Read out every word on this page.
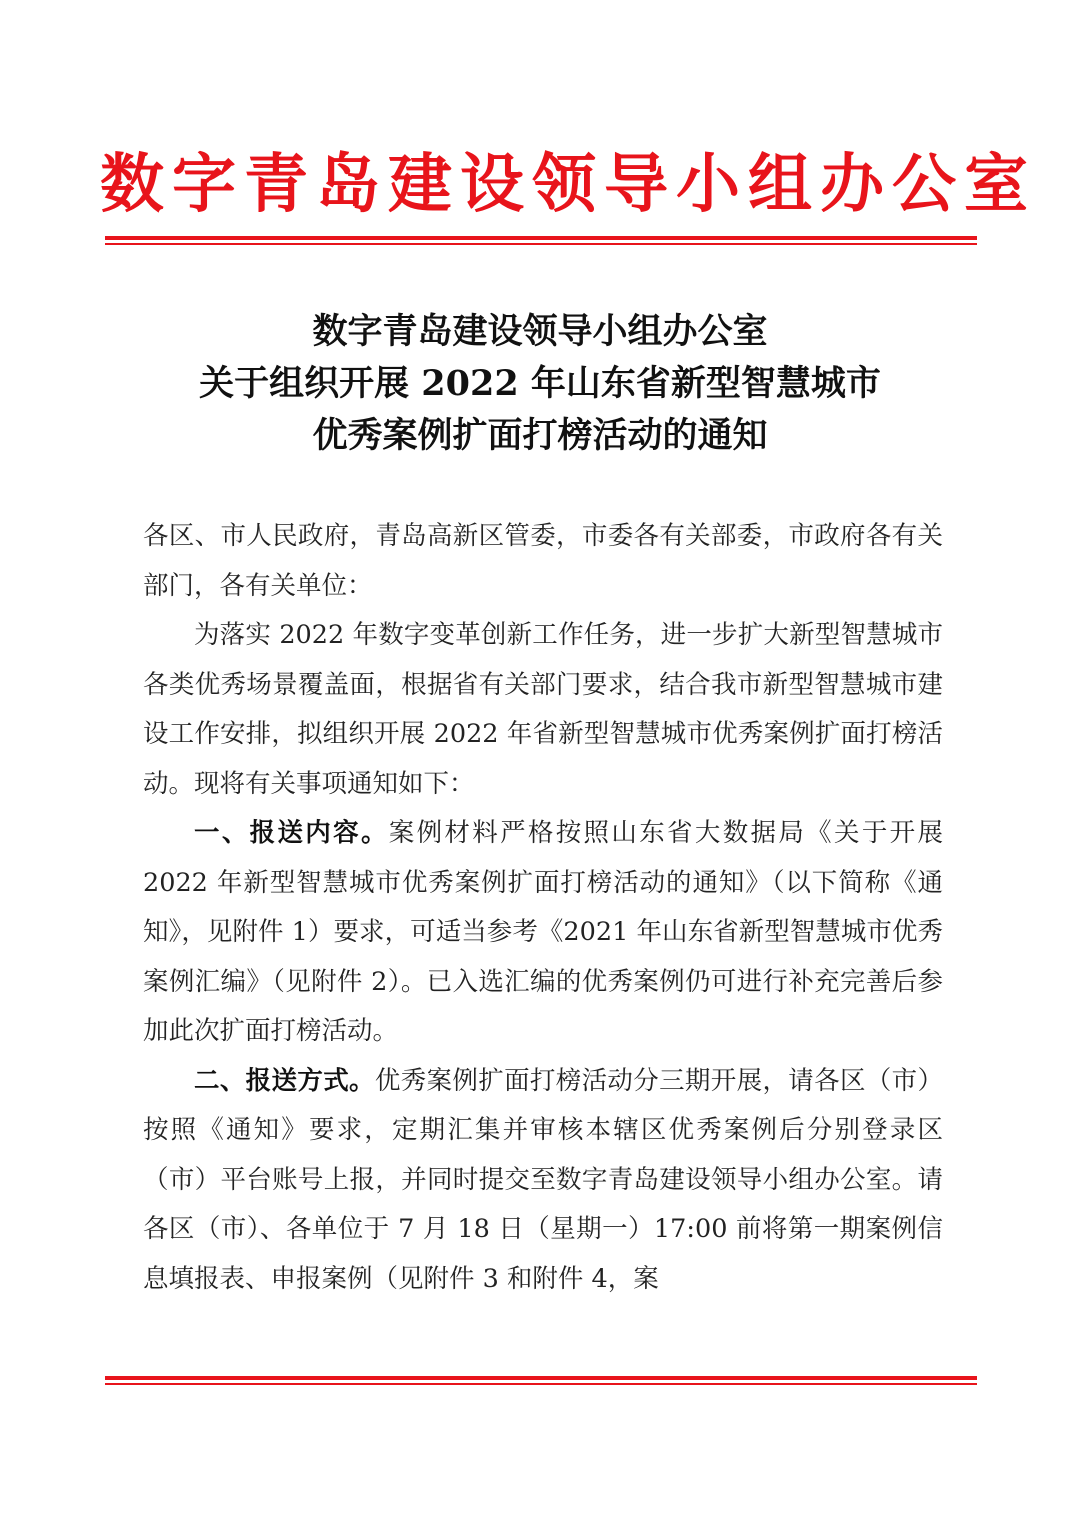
数字青岛建设领导小组办公室
数字青岛建设领导小组办公室
关于组织开展 2022 年山东省新型智慧城市
优秀案例扩面打榜活动的通知

各区、市人民政府，青岛高新区管委，市委各有关部委，市政府各有关部门，各有关单位：

为落实 2022 年数字变革创新工作任务，进一步扩大新型智慧城市各类优秀场景覆盖面，根据省有关部门要求，结合我市新型智慧城市建设工作安排，拟组织开展 2022 年省新型智慧城市优秀案例扩面打榜活动。现将有关事项通知如下：

一、报送内容。案例材料严格按照山东省大数据局《关于开展 2022 年新型智慧城市优秀案例扩面打榜活动的通知》（以下简称《通知》，见附件 1）要求，可适当参考《2021 年山东省新型智慧城市优秀案例汇编》（见附件 2）。已入选汇编的优秀案例仍可进行补充完善后参加此次扩面打榜活动。

二、报送方式。优秀案例扩面打榜活动分三期开展，请各区（市）按照《通知》要求，定期汇集并审核本辖区优秀案例后分别登录区（市）平台账号上报，并同时提交至数字青岛建设领导小组办公室。请各区（市）、各单位于 7 月 18 日（星期一）17:00 前将第一期案例信息填报表、申报案例（见附件 3 和附件 4，案
